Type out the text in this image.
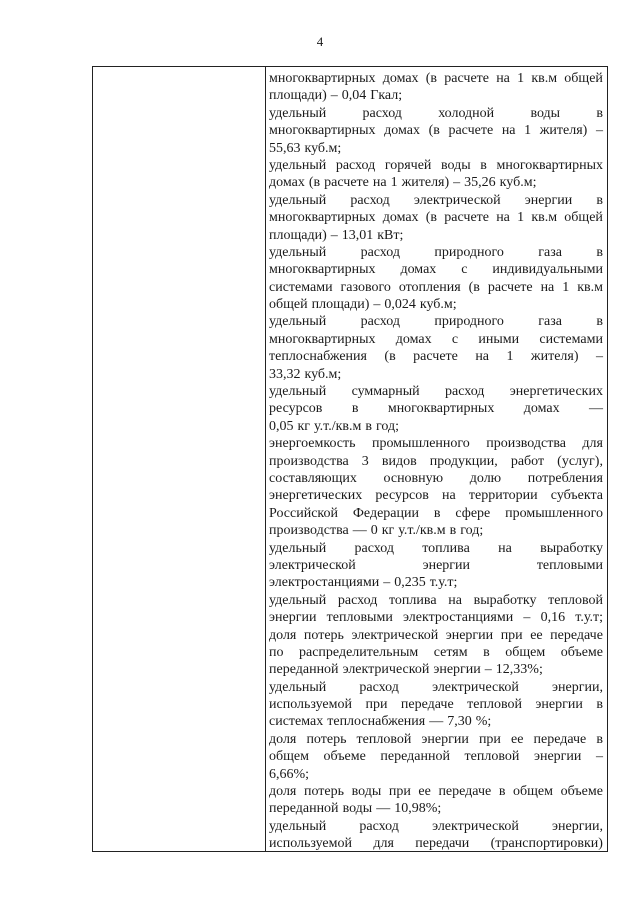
4
многоквартирных домах (в расчете на 1 кв.м общей
площади) – 0,04 Гкал;
удельный	расход	холодной	воды	в
многоквартирных домах (в расчете на 1 жителя) –
55,63 куб.м;
удельный расход горячей воды в многоквартирных
домах (в расчете на 1 жителя) – 35,26 куб.м;
удельный расход электрической энергии в
многоквартирных домах (в расчете на 1 кв.м общей
площади) – 13,01 кВт;
удельный расход природного газа в
многоквартирных домах с индивидуальными
системами газового отопления (в расчете на 1 кв.м
общей площади) – 0,024 куб.м;
удельный расход природного газа в
многоквартирных домах с иными системами
теплоснабжения (в расчете на 1 жителя) –
33,32 куб.м;
удельный суммарный расход энергетических
ресурсов в многоквартирных домах —
0,05 кг у.т./кв.м в год;
энергоемкость промышленного производства для
производства 3 видов продукции, работ (услуг),
составляющих основную долю потребления
энергетических ресурсов на территории субъекта
Российской Федерации в сфере промышленного
производства — 0 кг у.т./кв.м в год;
удельный расход топлива на выработку
электрической	энергии	тепловыми
электростанциями – 0,235 т.у.т;
удельный расход топлива на выработку тепловой
энергии тепловыми электростанциями – 0,16 т.у.т;
доля потерь электрической энергии при ее передаче
по распределительным сетям в общем объеме
переданной электрической энергии – 12,33%;
удельный расход электрической энергии,
используемой при передаче тепловой энергии в
системах теплоснабжения — 7,30 %;
доля потерь тепловой энергии при ее передаче в
общем объеме переданной тепловой энергии –
6,66%;
доля потерь воды при ее передаче в общем объеме
переданной воды — 10,98%;
удельный расход электрической энергии,
используемой для передачи (транспортировки)
